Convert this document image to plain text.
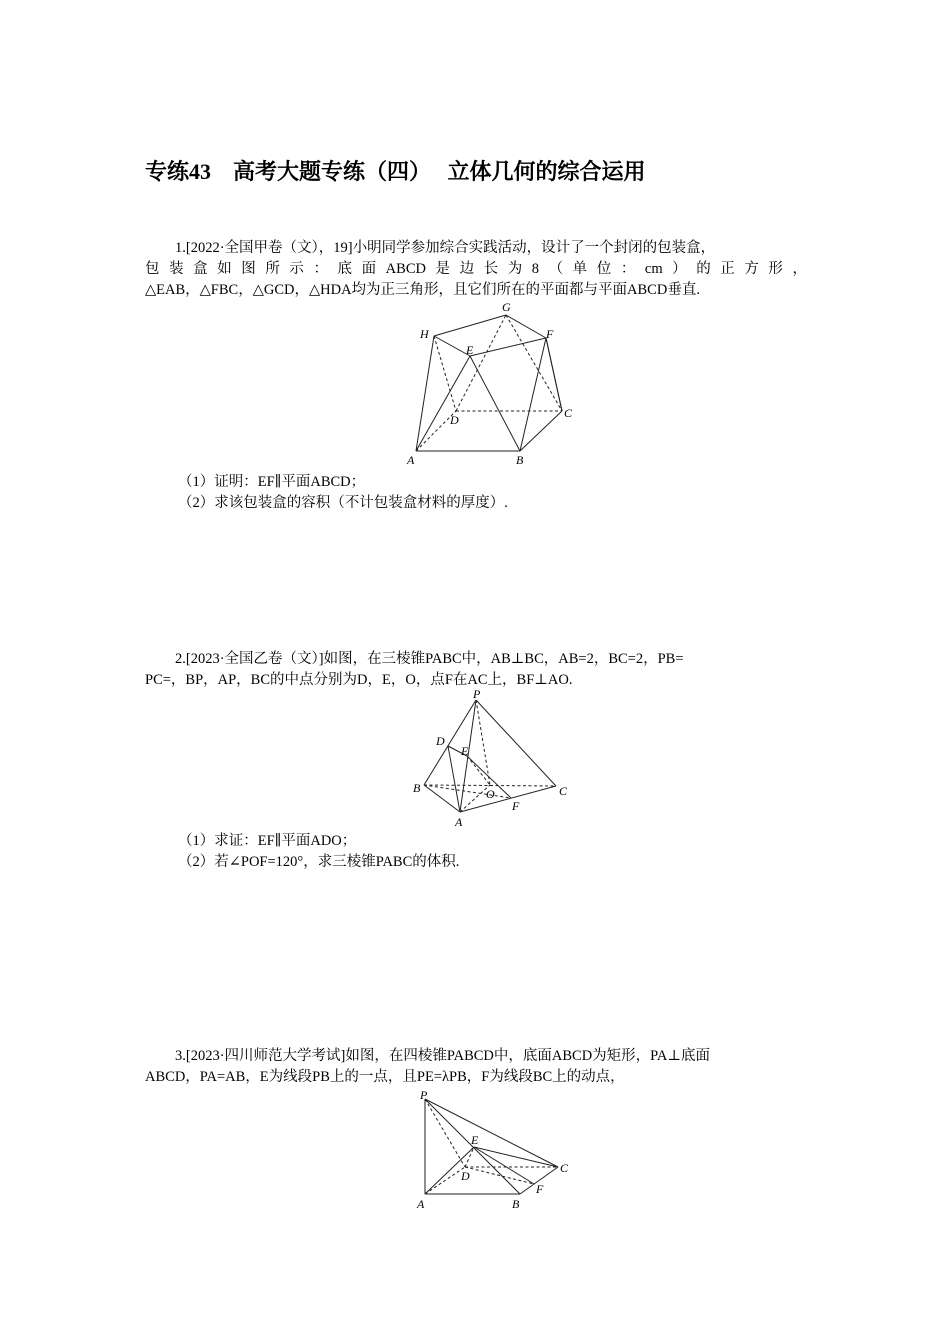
专练43　高考大题专练（四）　 立体几何的综合运用

1.[2022·全国甲卷（文），19]小明同学参加综合实践活动，设计了一个封闭的包装盒，

包装盒如图所示：底面ABCD是边长为8（单位：cm）的正方形，

△EAB，△FBC，△GCD，△HDA均为正三角形，且它们所在的平面都与平面ABCD垂直.

G
H	F
E
D	C
A	B
（1）证明：EF∥平面ABCD；
（2）求该包装盒的容积（不计包装盒材料的厚度）.

2.[2023·全国乙卷（文）]如图，在三棱锥PABC中，AB⊥BC，AB=2，BC=2，PB=

PC=，BP，AP，BC的中点分别为D，E，O，点F在AC上，BF⊥AO.

P
D
E
B	O	C
A
F
（1）求证：EF∥平面ADO；
（2）若∠POF=120°，求三棱锥PABC的体积.

3.[2023·四川师范大学考试]如图，在四棱锥PABCD中，底面ABCD为矩形，PA⊥底面

ABCD，PA=AB，E为线段PB上的一点，且PE=λPB，F为线段BC上的动点，

P
E
C
D
F
A	B
